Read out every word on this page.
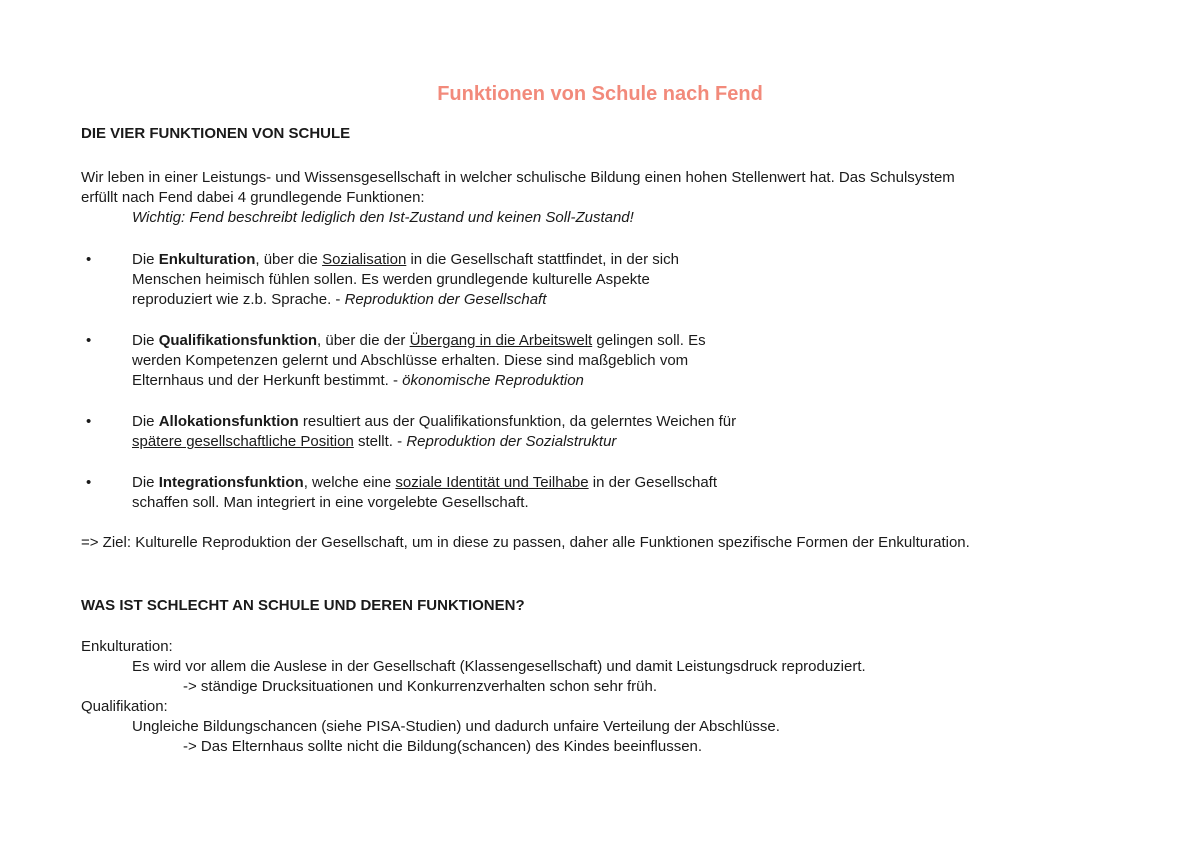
Funktionen von Schule nach Fend
DIE VIER FUNKTIONEN VON SCHULE
Wir leben in einer Leistungs- und Wissensgesellschaft in welcher schulische Bildung einen hohen Stellenwert hat. Das Schulsystem
erfüllt nach Fend dabei 4 grundlegende Funktionen:
Wichtig: Fend beschreibt lediglich den Ist-Zustand und keinen Soll-Zustand!
•	Die Enkulturation, über die Sozialisation in die Gesellschaft stattfindet, in der sich
Menschen heimisch fühlen sollen. Es werden grundlegende kulturelle Aspekte
reproduziert wie z.b. Sprache. - Reproduktion der Gesellschaft
•	Die Qualifikationsfunktion, über die der Übergang in die Arbeitswelt gelingen soll. Es
werden Kompetenzen gelernt und Abschlüsse erhalten. Diese sind maßgeblich vom
Elternhaus und der Herkunft bestimmt. - ökonomische Reproduktion
•	Die Allokationsfunktion resultiert aus der Qualifikationsfunktion, da gelerntes Weichen für
spätere gesellschaftliche Position stellt. - Reproduktion der Sozialstruktur
•	Die Integrationsfunktion, welche eine soziale Identität und Teilhabe in der Gesellschaft
schaffen soll. Man integriert in eine vorgelebte Gesellschaft.
=> Ziel: Kulturelle Reproduktion der Gesellschaft, um in diese zu passen, daher alle Funktionen spezifische Formen der Enkulturation.
WAS IST SCHLECHT AN SCHULE UND DEREN FUNKTIONEN?
Enkulturation:
Es wird vor allem die Auslese in der Gesellschaft (Klassengesellschaft) und damit Leistungsdruck reproduziert.
-> ständige Drucksituationen und Konkurrenzverhalten schon sehr früh.
Qualifikation:
Ungleiche Bildungschancen (siehe PISA-Studien) und dadurch unfaire Verteilung der Abschlüsse.
-> Das Elternhaus sollte nicht die Bildung(schancen) des Kindes beeinflussen.
